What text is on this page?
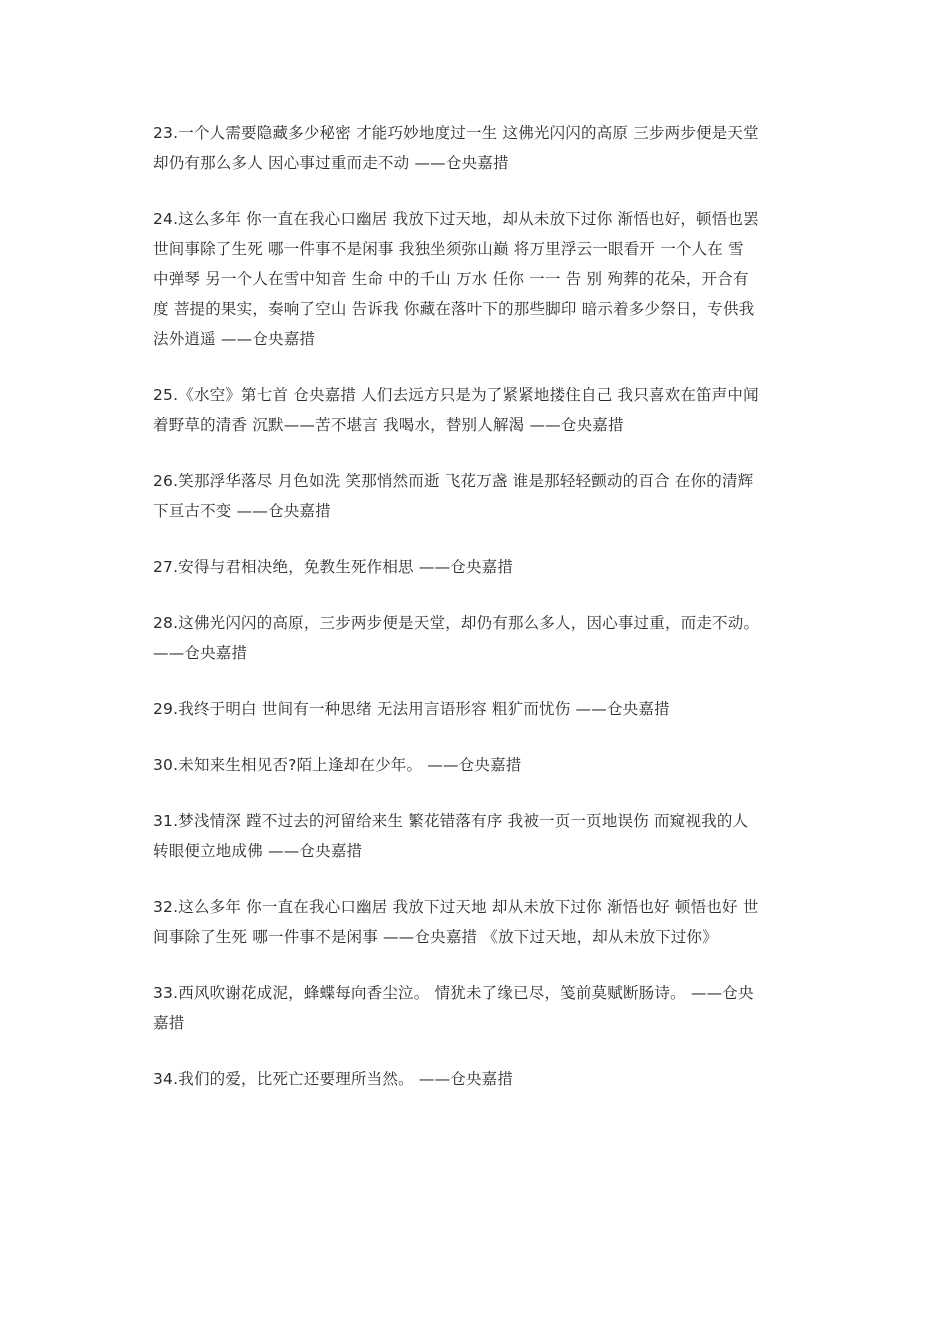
23.一个人需要隐藏多少秘密 才能巧妙地度过一生 这佛光闪闪的高原 三步两步便是天堂
却仍有那么多人 因心事过重而走不动 ——仓央嘉措

24.这么多年 你一直在我心口幽居 我放下过天地，却从未放下过你 渐悟也好，顿悟也罢
世间事除了生死 哪一件事不是闲事 我独坐须弥山巅 将万里浮云一眼看开 一个人在 雪
中弹琴 另一个人在雪中知音 生命 中的千山 万水 任你 一一 告 别 殉葬的花朵，开合有
度 菩提的果实，奏响了空山 告诉我 你藏在落叶下的那些脚印 暗示着多少祭日，专供我
法外逍遥 ——仓央嘉措

25.《水空》第七首 仓央嘉措 人们去远方只是为了紧紧地搂住自己 我只喜欢在笛声中闻
着野草的清香 沉默——苦不堪言 我喝水，替别人解渴 ——仓央嘉措

26.笑那浮华落尽 月色如洗 笑那悄然而逝 飞花万盏 谁是那轻轻颤动的百合 在你的清辉
下亘古不变 ——仓央嘉措

27.安得与君相决绝，免教生死作相思 ——仓央嘉措

28.这佛光闪闪的高原，三步两步便是天堂，却仍有那么多人，因心事过重，而走不动。
——仓央嘉措

29.我终于明白 世间有一种思绪 无法用言语形容 粗犷而忧伤 ——仓央嘉措

30.未知来生相见否?陌上逢却在少年。 ——仓央嘉措

31.梦浅情深 蹚不过去的河留给来生 繁花错落有序 我被一页一页地误伤 而窥视我的人
转眼便立地成佛 ——仓央嘉措

32.这么多年 你一直在我心口幽居 我放下过天地 却从未放下过你 渐悟也好 顿悟也好 世
间事除了生死 哪一件事不是闲事 ——仓央嘉措 《放下过天地，却从未放下过你》

33.西风吹谢花成泥，蜂蝶每向香尘泣。 情犹未了缘已尽，笺前莫赋断肠诗。 ——仓央
嘉措

34.我们的爱，比死亡还要理所当然。 ——仓央嘉措
